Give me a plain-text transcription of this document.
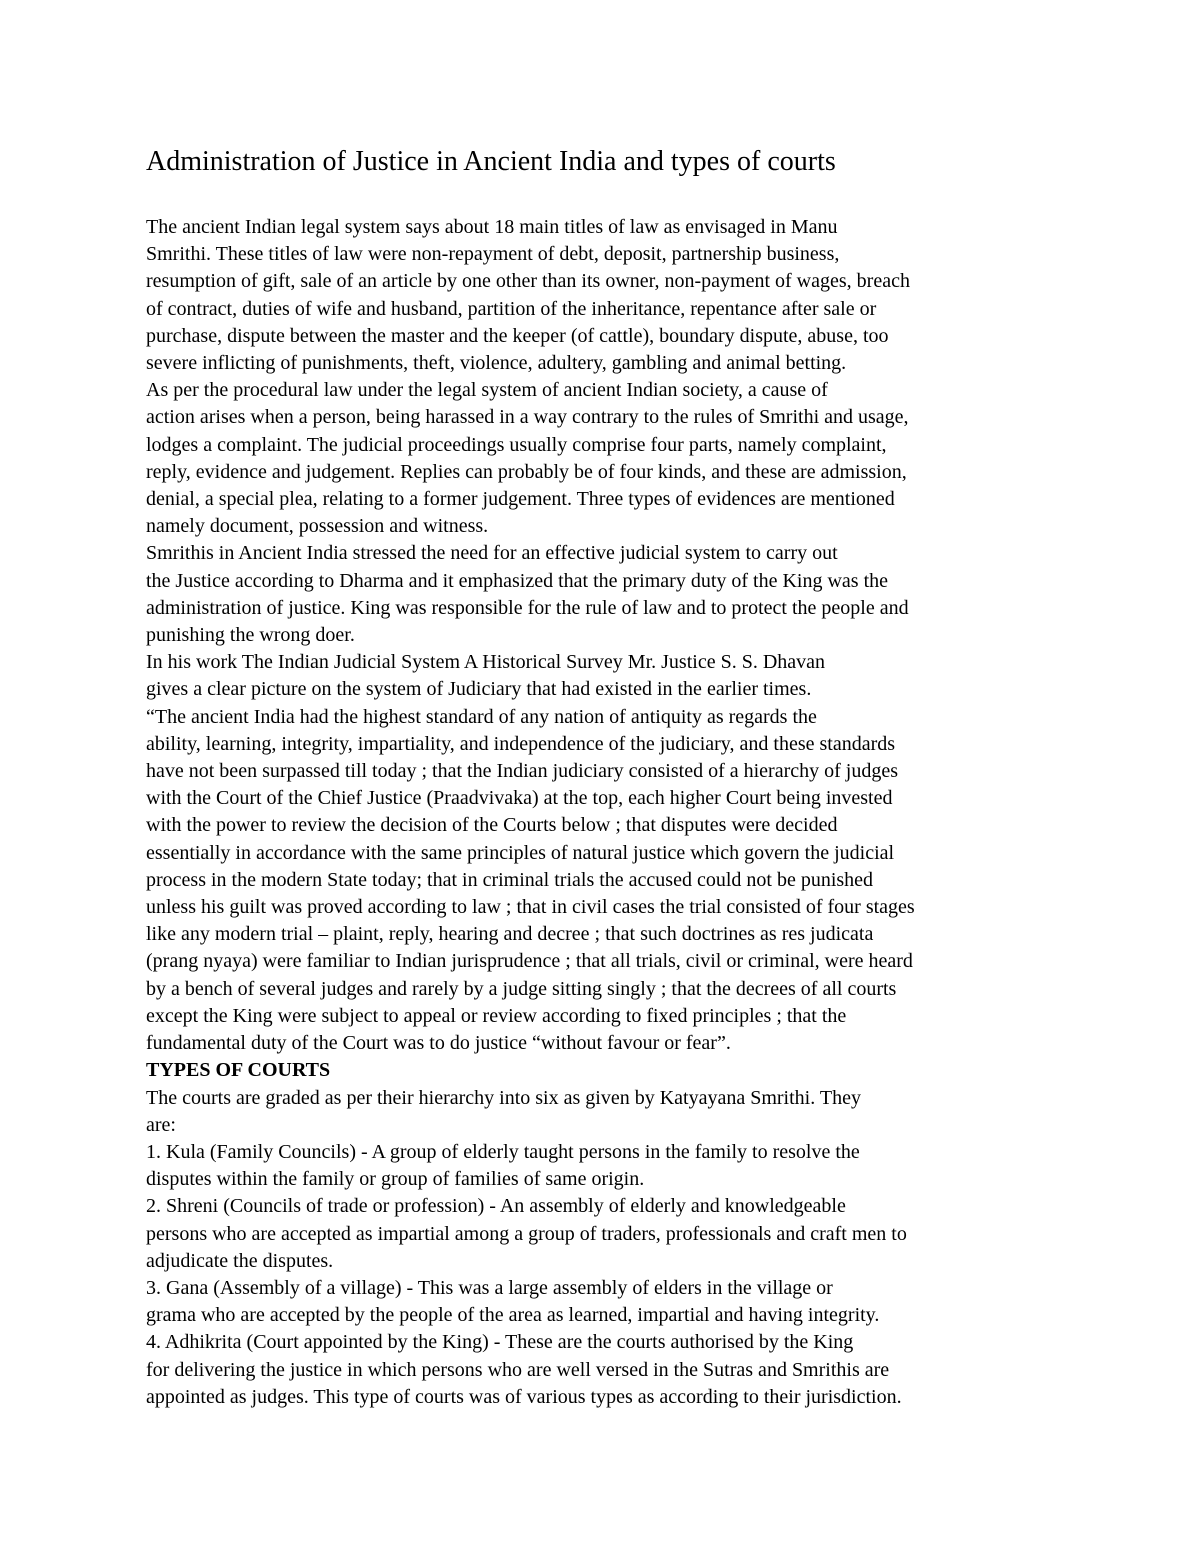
Administration of Justice in Ancient India and types of courts
The ancient Indian legal system says about 18 main titles of law as envisaged in Manu
Smrithi. These titles of law were non-repayment of debt, deposit, partnership business,
resumption of gift, sale of an article by one other than its owner, non-payment of wages, breach
of contract, duties of wife and husband, partition of the inheritance, repentance after sale or
purchase, dispute between the master and the keeper (of cattle), boundary dispute, abuse, too
severe inflicting of punishments, theft, violence, adultery, gambling and animal betting.
As per the procedural law under the legal system of ancient Indian society, a cause of
action arises when a person, being harassed in a way contrary to the rules of Smrithi and usage,
lodges a complaint. The judicial proceedings usually comprise four parts, namely complaint,
reply, evidence and judgement. Replies can probably be of four kinds, and these are admission,
denial, a special plea, relating to a former judgement. Three types of evidences are mentioned
namely document, possession and witness.
Smrithis in Ancient India stressed the need for an effective judicial system to carry out
the Justice according to Dharma and it emphasized that the primary duty of the King was the
administration of justice. King was responsible for the rule of law and to protect the people and
punishing the wrong doer.
In his work The Indian Judicial System A Historical Survey Mr. Justice S. S. Dhavan
gives a clear picture on the system of Judiciary that had existed in the earlier times.
“The ancient India had the highest standard of any nation of antiquity as regards the
ability, learning, integrity, impartiality, and independence of the judiciary, and these standards
have not been surpassed till today ; that the Indian judiciary consisted of a hierarchy of judges
with the Court of the Chief Justice (Praadvivaka) at the top, each higher Court being invested
with the power to review the decision of the Courts below ; that disputes were decided
essentially in accordance with the same principles of natural justice which govern the judicial
process in the modern State today; that in criminal trials the accused could not be punished
unless his guilt was proved according to law ; that in civil cases the trial consisted of four stages
like any modern trial – plaint, reply, hearing and decree ; that such doctrines as res judicata
(prang nyaya) were familiar to Indian jurisprudence ; that all trials, civil or criminal, were heard
by a bench of several judges and rarely by a judge sitting singly ; that the decrees of all courts
except the King were subject to appeal or review according to fixed principles ; that the
fundamental duty of the Court was to do justice “without favour or fear”.
TYPES OF COURTS
The courts are graded as per their hierarchy into six as given by Katyayana Smrithi. They
are:
1. Kula (Family Councils) - A group of elderly taught persons in the family to resolve the
disputes within the family or group of families of same origin.
2. Shreni (Councils of trade or profession) - An assembly of elderly and knowledgeable
persons who are accepted as impartial among a group of traders, professionals and craft men to
adjudicate the disputes.
3. Gana (Assembly of a village) - This was a large assembly of elders in the village or
grama who are accepted by the people of the area as learned, impartial and having integrity.
4. Adhikrita (Court appointed by the King) - These are the courts authorised by the King
for delivering the justice in which persons who are well versed in the Sutras and Smrithis are
appointed as judges. This type of courts was of various types as according to their jurisdiction.
